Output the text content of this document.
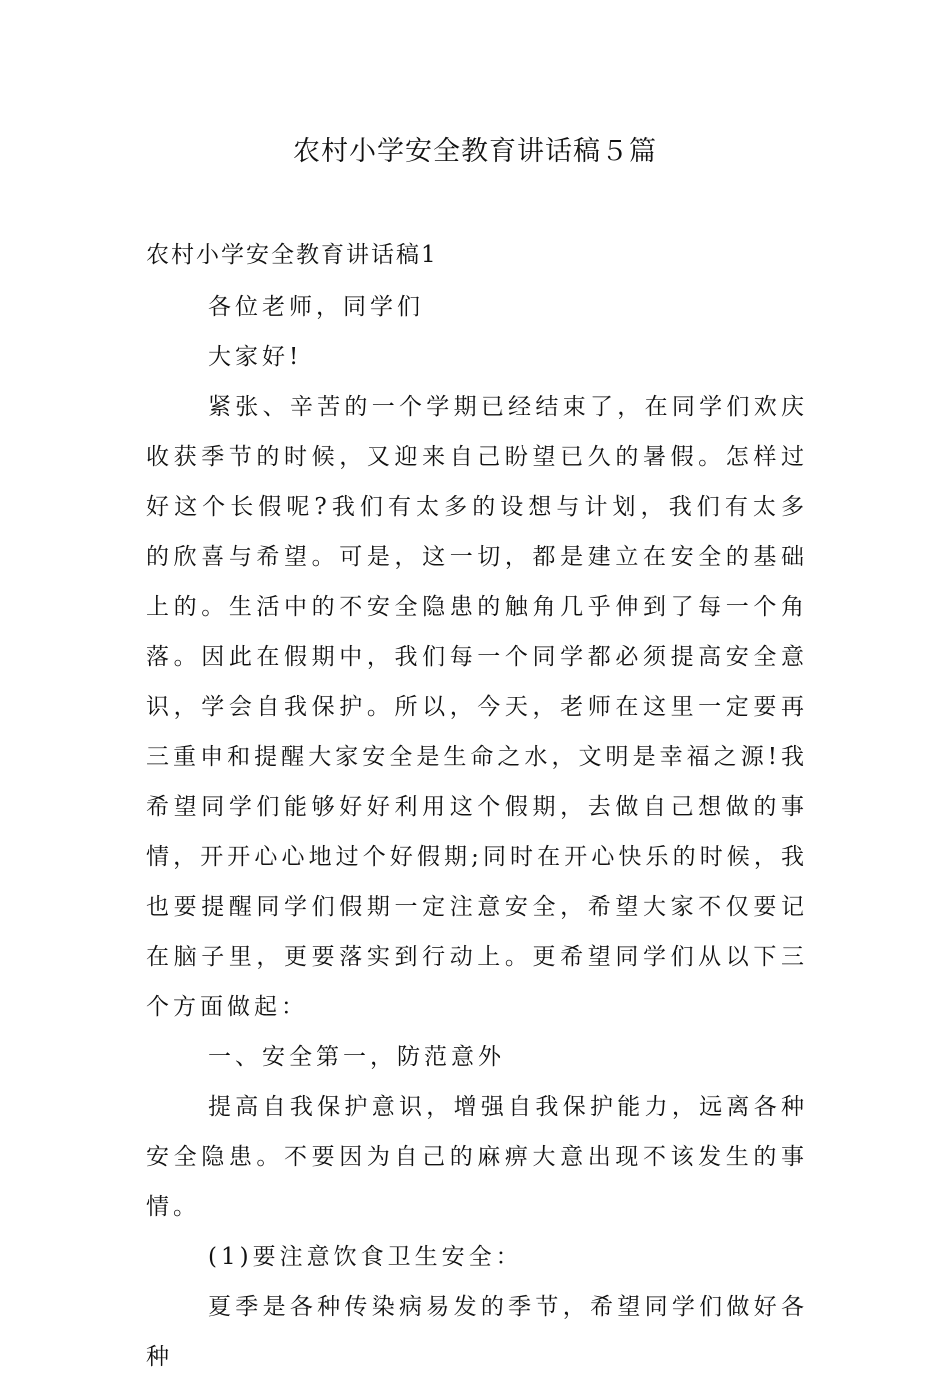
农村小学安全教育讲话稿５篇

农村小学安全教育讲话稿1

各位老师，同学们

大家好!

紧张、辛苦的一个学期已经结束了，在同学们欢庆收获季节的时候，又迎来自己盼望已久的暑假。怎样过好这个长假呢?我们有太多的设想与计划，我们有太多的欣喜与希望。可是，这一切，都是建立在安全的基础上的。生活中的不安全隐患的触角几乎伸到了每一个角落。因此在假期中，我们每一个同学都必须提高安全意识，学会自我保护。所以，今天，老师在这里一定要再三重申和提醒大家安全是生命之水，文明是幸福之源!我希望同学们能够好好利用这个假期，去做自己想做的事情，开开心心地过个好假期;同时在开心快乐的时候，我也要提醒同学们假期一定注意安全，希望大家不仅要记在脑子里，更要落实到行动上。更希望同学们从以下三个方面做起：

一、安全第一，防范意外

提高自我保护意识，增强自我保护能力，远离各种安全隐患。不要因为自己的麻痹大意出现不该发生的事情。

(1)要注意饮食卫生安全：

夏季是各种传染病易发的季节，希望同学们做好各种
